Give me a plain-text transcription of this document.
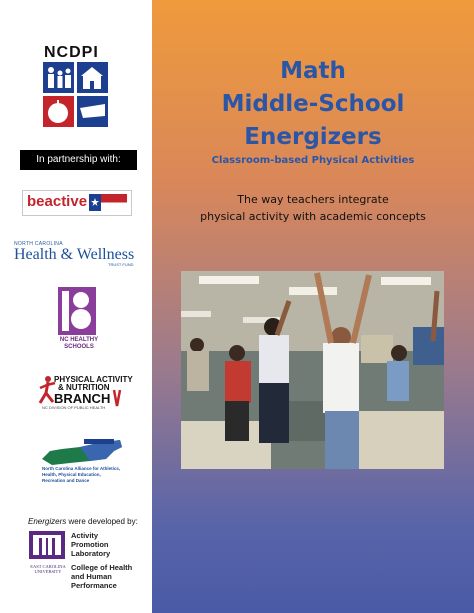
NCDPI
In partnership with:
beactive
NORTH CAROLINA
Health & Wellness
TRUST FUND
NC HEALTHY SCHOOLS
PHYSICAL ACTIVITY
& NUTRITION
BRANCH
NC DIVISION OF PUBLIC HEALTH
North Carolina Alliance for Athletics, Health, Physical Education, Recreation and Dance
Energizers were developed by:
EAST CAROLINA UNIVERSITY
Activity
Promotion
Laboratory
College of Health
and Human
Performance
Math
Middle-School
Energizers
Classroom-based Physical Activities
The way teachers integrate
physical activity with academic concepts
